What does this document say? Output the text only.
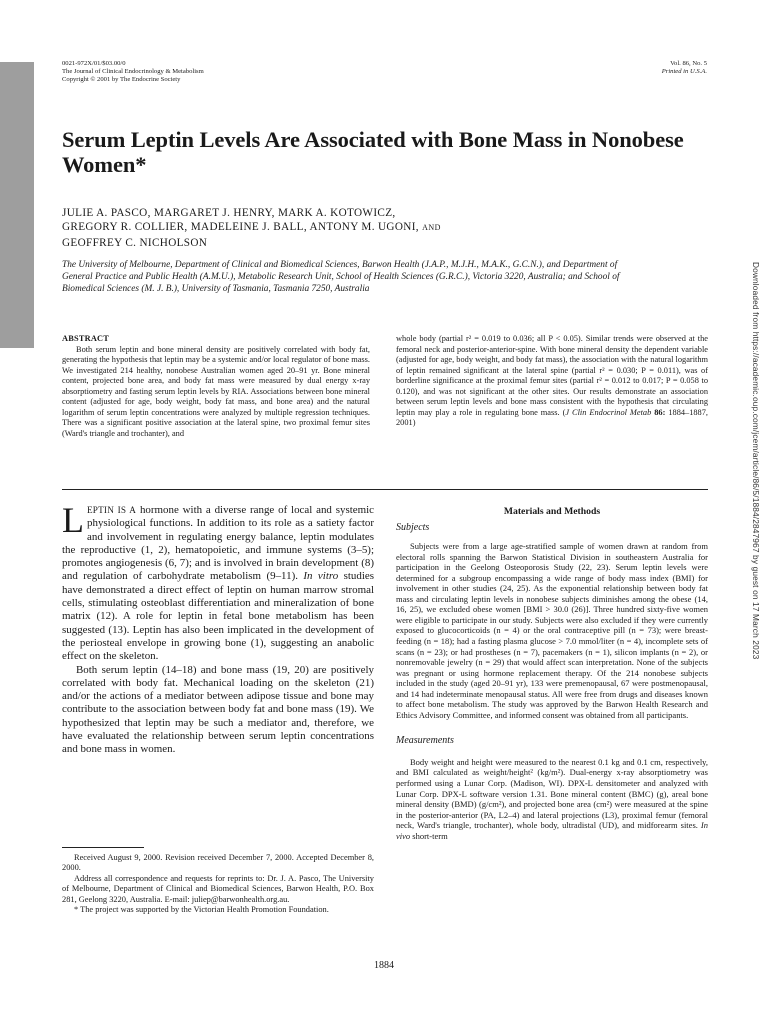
0021-972X/01/$03.00/0
The Journal of Clinical Endocrinology & Metabolism
Copyright © 2001 by The Endocrine Society
Vol. 86, No. 5
Printed in U.S.A.
Serum Leptin Levels Are Associated with Bone Mass in Nonobese Women*
JULIE A. PASCO, MARGARET J. HENRY, MARK A. KOTOWICZ,
GREGORY R. COLLIER, MADELEINE J. BALL, ANTONY M. UGONI, AND
GEOFFREY C. NICHOLSON
The University of Melbourne, Department of Clinical and Biomedical Sciences, Barwon Health (J.A.P., M.J.H., M.A.K., G.C.N.), and Department of General Practice and Public Health (A.M.U.), Metabolic Research Unit, School of Health Sciences (G.R.C.), Victoria 3220, Australia; and School of Biomedical Sciences (M. J. B.), University of Tasmania, Tasmania 7250, Australia
ABSTRACT

Both serum leptin and bone mineral density are positively correlated with body fat, generating the hypothesis that leptin may be a systemic and/or local regulator of bone mass. We investigated 214 healthy, nonobese Australian women aged 20–91 yr. Bone mineral content, projected bone area, and body fat mass were measured by dual energy x-ray absorptiometry and fasting serum leptin levels by RIA. Associations between bone mineral content (adjusted for age, body weight, body fat mass, and bone area) and the natural logarithm of serum leptin concentrations were analyzed by multiple regression techniques. There was a significant positive association at the lateral spine, two proximal femur sites (Ward's triangle and trochanter), and

whole body (partial r² = 0.019 to 0.036; all P < 0.05). Similar trends were observed at the femoral neck and posterior-anterior-spine. With bone mineral density the dependent variable (adjusted for age, body weight, and body fat mass), the association with the natural logarithm of leptin remained significant at the lateral spine (partial r² = 0.030; P = 0.011), was of borderline significance at the proximal femur sites (partial r² = 0.012 to 0.017; P = 0.058 to 0.120), and was not significant at the other sites. Our results demonstrate an association between serum leptin levels and bone mass consistent with the hypothesis that circulating leptin may play a role in regulating bone mass. (J Clin Endocrinol Metab 86: 1884–1887, 2001)

LEPTIN IS A hormone with a diverse range of local and systemic physiological functions. In addition to its role as a satiety factor and involvement in regulating energy balance, leptin modulates the reproductive (1, 2), hematopoietic, and immune systems (3–5); promotes angiogenesis (6, 7); and is involved in brain development (8) and regulation of carbohydrate metabolism (9–11). In vitro studies have demonstrated a direct effect of leptin on human marrow stromal cells, stimulating osteoblast differentiation and mineralization of bone matrix (12). A role for leptin in fetal bone metabolism has been suggested (13). Leptin has also been implicated in the development of the periosteal envelope in growing bone (1), suggesting an anabolic effect on the skeleton.

Both serum leptin (14–18) and bone mass (19, 20) are positively correlated with body fat. Mechanical loading on the skeleton (21) and/or the actions of a mediator between adipose tissue and bone may contribute to the association between body fat and bone mass (19). We hypothesized that leptin may be such a mediator and, therefore, we have evaluated the relationship between serum leptin concentrations and bone mass in women.

Received August 9, 2000. Revision received December 7, 2000. Accepted December 8, 2000.

Address all correspondence and requests for reprints to: Dr. J. A. Pasco, The University of Melbourne, Department of Clinical and Biomedical Sciences, Barwon Health, P.O. Box 281, Geelong 3220, Australia. E-mail: julieр@barwonhealth.org.au.

* The project was supported by the Victorian Health Promotion Foundation.

Materials and Methods
Subjects

Subjects were from a large age-stratified sample of women drawn at random from electoral rolls spanning the Barwon Statistical Division in southeastern Australia for participation in the Geelong Osteoporosis Study (22, 23). Serum leptin levels were determined for a subgroup encompassing a wide range of body mass index (BMI) for involvement in other studies (24, 25). As the exponential relationship between body fat mass and circulating leptin levels in nonobese subjects diminishes among the obese (14, 16, 25), we excluded obese women [BMI > 30.0 (26)]. Three hundred sixty-five women were eligible to participate in our study. Subjects were also excluded if they were currently exposed to glucocorticoids (n = 4) or the oral contraceptive pill (n = 73); were breast-feeding (n = 18); had a fasting plasma glucose > 7.0 mmol/liter (n = 4), incomplete sets of scans (n = 23); or had prostheses (n = 7), pacemakers (n = 1), silicon implants (n = 2), or nonremovable jewelry (n = 29) that would affect scan interpretation. None of the subjects was pregnant or using hormone replacement therapy. Of the 214 nonobese subjects included in the study (aged 20–91 yr), 133 were premenopausal, 67 were postmenopausal, and 14 had indeterminate menopausal status. All were free from drugs and diseases known to affect bone metabolism. The study was approved by the Barwon Health Research and Ethics Advisory Committee, and informed consent was obtained from all participants.

Measurements

Body weight and height were measured to the nearest 0.1 kg and 0.1 cm, respectively, and BMI calculated as weight/height² (kg/m²). Dual-energy x-ray absorptiometry was performed using a Lunar Corp. (Madison, WI). DPX-L densitometer and analyzed with Lunar Corp. DPX-L software version 1.31. Bone mineral content (BMC) (g), areal bone mineral density (BMD) (g/cm²), and projected bone area (cm²) were measured at the spine in the posterior-anterior (PA, L2–4) and lateral projections (L3), proximal femur (femoral neck, Ward's triangle, trochanter), whole body, ultradistal (UD), and midforearm sites. In vivo short-term

1884
Downloaded from https://academic.oup.com/jcem/article/86/5/1884/2847967 by guest on 17 March 2023
